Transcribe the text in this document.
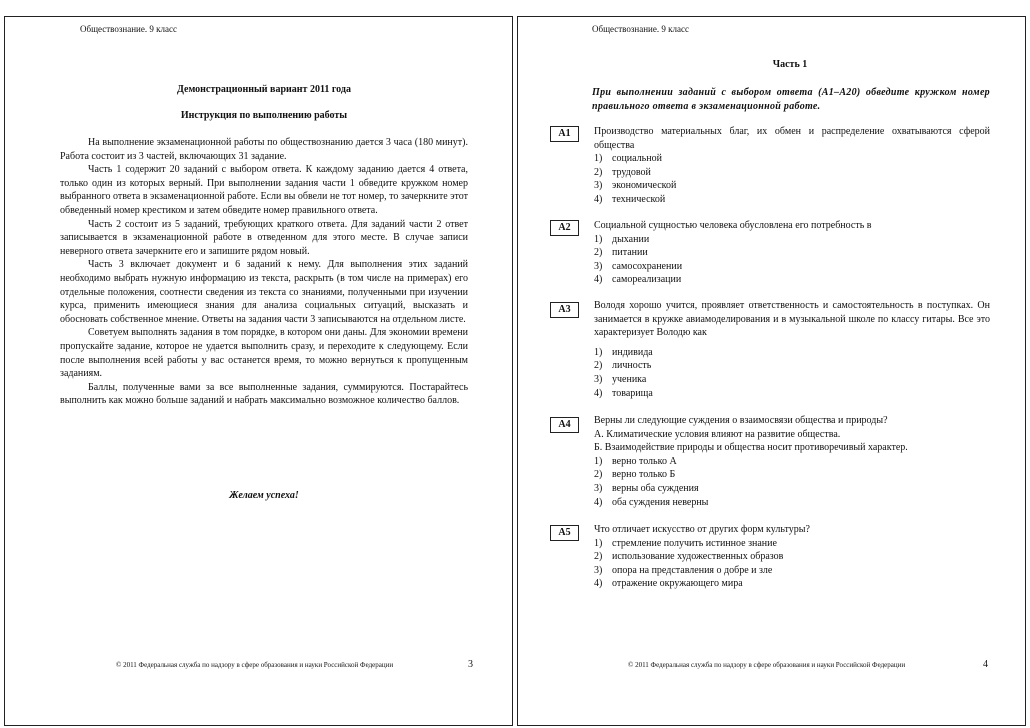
Обществознание. 9 класс
Демонстрационный вариант 2011 года
Инструкция по выполнению работы

На выполнение экзаменационной работы по обществознанию дается 3 часа (180 минут). Работа состоит из 3 частей, включающих 31 задание.

Часть 1 содержит 20 заданий с выбором ответа. К каждому заданию дается 4 ответа, только один из которых верный. При выполнении задания части 1 обведите кружком номер выбранного ответа в экзаменационной работе. Если вы обвели не тот номер, то зачеркните этот обведенный номер крестиком и затем обведите номер правильного ответа.

Часть 2 состоит из 5 заданий, требующих краткого ответа. Для заданий части 2 ответ записывается в экзаменационной работе в отведенном для этого месте. В случае записи неверного ответа зачеркните его и запишите рядом новый.

Часть 3 включает документ и 6 заданий к нему. Для выполнения этих заданий необходимо выбрать нужную информацию из текста, раскрыть (в том числе на примерах) его отдельные положения, соотнести сведения из текста со знаниями, полученными при изучении курса, применить имеющиеся знания для анализа социальных ситуаций, высказать и обосновать собственное мнение. Ответы на задания части 3 записываются на отдельном листе.

Советуем выполнять задания в том порядке, в котором они даны. Для экономии времени пропускайте задание, которое не удается выполнить сразу, и переходите к следующему. Если после выполнения всей работы у вас останется время, то можно вернуться к пропущенным заданиям.

Баллы, полученные вами за все выполненные задания, суммируются. Постарайтесь выполнить как можно больше заданий и набрать максимально возможное количество баллов.

Желаем успеха!
© 2011 Федеральная служба по надзору в сфере образования и науки Российской Федерации	3
Обществознание. 9 класс
Часть 1
При выполнении заданий с выбором ответа (А1–А20) обведите кружком номер правильного ответа в экзаменационной работе.
А1	Производство материальных благ, их обмен и распределение охватываются сферой общества

1) социальной
2) трудовой
3) экономической
4) технической
А2	Социальной сущностью человека обусловлена его потребность в

1) дыхании
2) питании
3) самосохранении
4) самореализации
А3	Володя хорошо учится, проявляет ответственность и самостоятельность в поступках. Он занимается в кружке авиамоделирования и в музыкальной школе по классу гитары. Все это характеризует Володю как

1) индивида
2) личность
3) ученика
4) товарища
А4	Верны ли следующие суждения о взаимосвязи общества и природы?

А. Климатические условия влияют на развитие общества.

Б. Взаимодействие природы и общества носит противоречивый характер.

1) верно только А
2) верно только Б
3) верны оба суждения
4) оба суждения неверны
А5	Что отличает искусство от других форм культуры?

1) стремление получить истинное знание
2) использование художественных образов
3) опора на представления о добре и зле
4) отражение окружающего мира
© 2011 Федеральная служба по надзору в сфере образования и науки Российской Федерации	4
